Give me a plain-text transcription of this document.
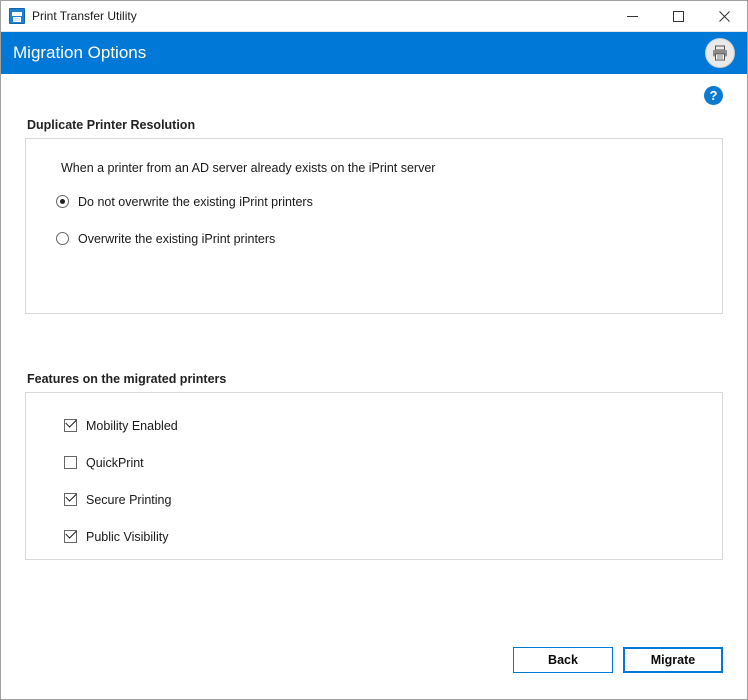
Print Transfer Utility
Migration Options
?
Duplicate Printer Resolution
When a printer from an AD server already exists on the iPrint server
Do not overwrite the existing iPrint printers
Overwrite the existing iPrint printers
Features on the migrated printers
Mobility Enabled
QuickPrint
Secure Printing
Public Visibility
Back	Migrate
